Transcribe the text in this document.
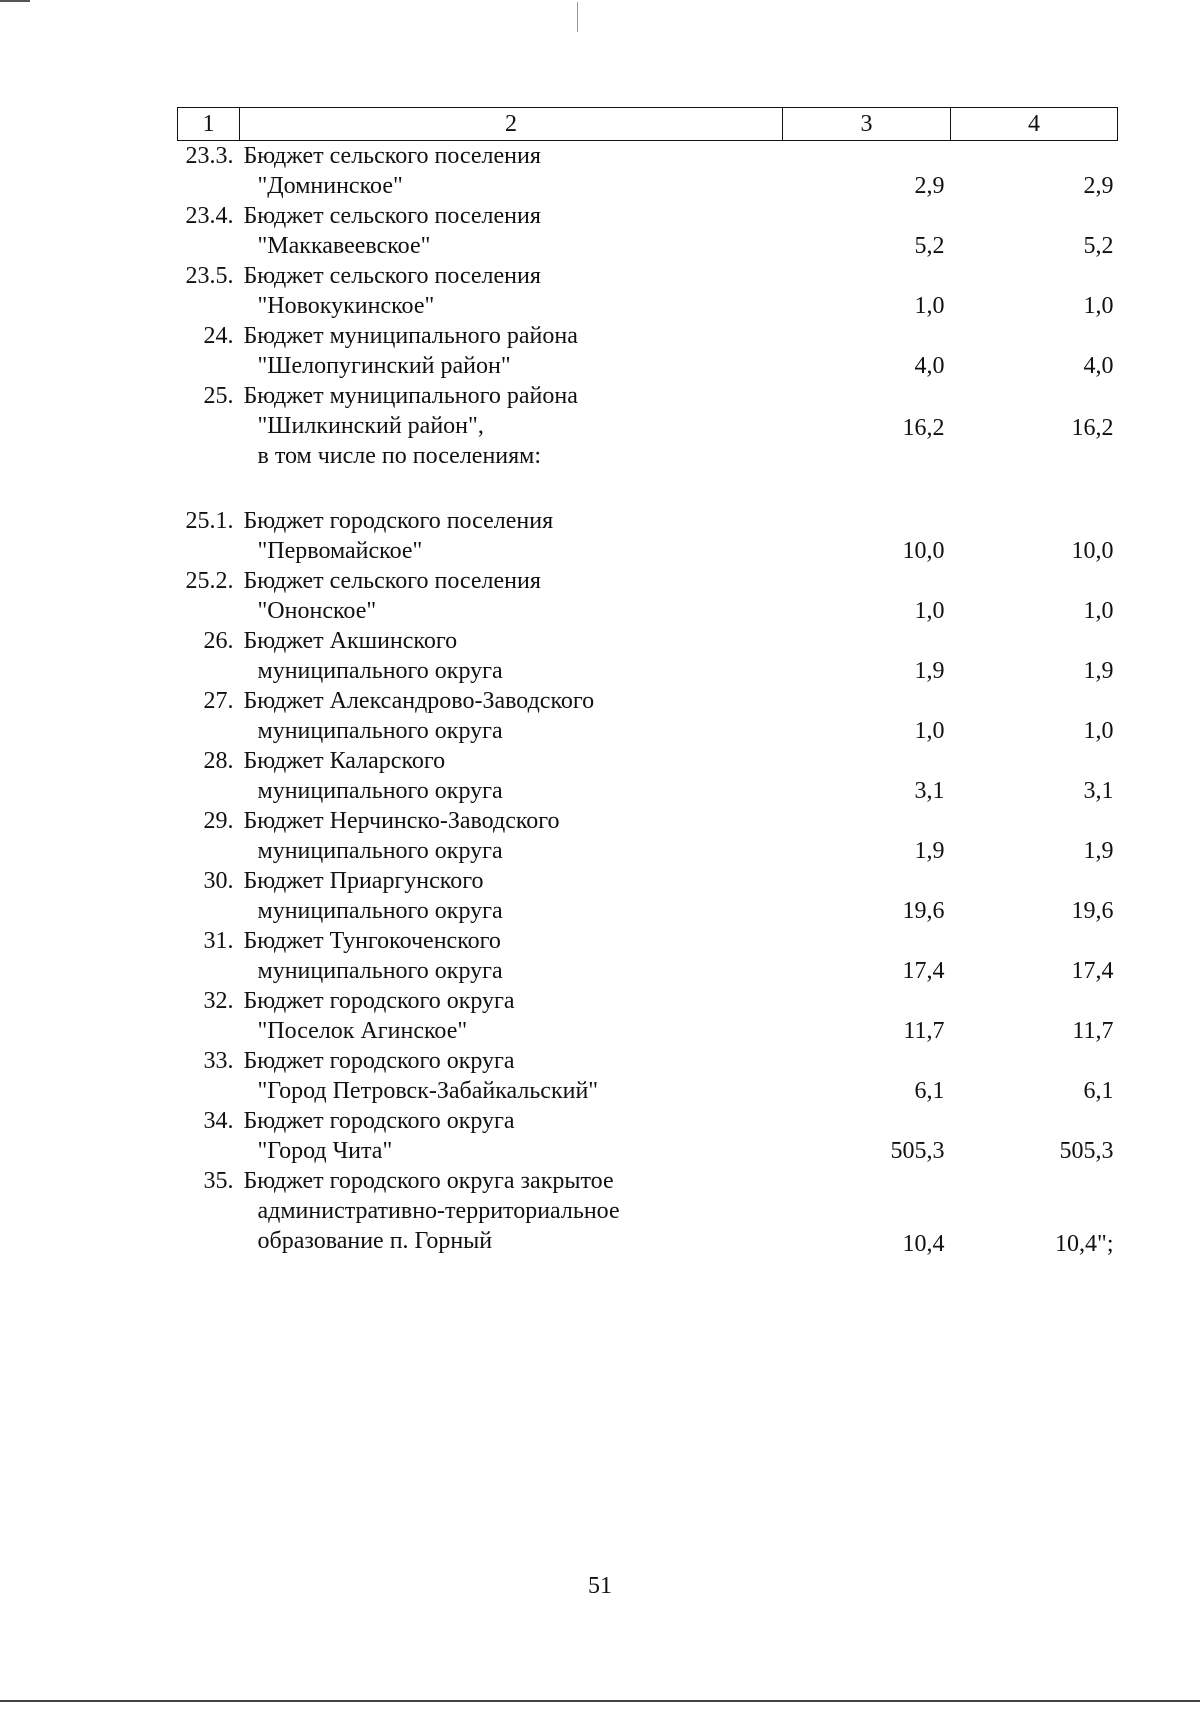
1	2	3	4
23.3.	Бюджет сельского поселения
"Домнинское"	2,9	2,9
23.4.	Бюджет сельского поселения
"Маккавеевское"	5,2	5,2
23.5.	Бюджет сельского поселения
"Новокукинское"	1,0	1,0
24.	Бюджет муниципального района
"Шелопугинский район"	4,0	4,0
25.	Бюджет муниципального района
"Шилкинский район",
в том числе по поселениям:	16,2	16,2
25.1.	Бюджет городского поселения
"Первомайское"	10,0	10,0
25.2.	Бюджет сельского поселения
"Ононское"	1,0	1,0
26.	Бюджет Акшинского
муниципального округа	1,9	1,9
27.	Бюджет Александрово-Заводского
муниципального округа	1,0	1,0
28.	Бюджет Каларского
муниципального округа	3,1	3,1
29.	Бюджет Нерчинско-Заводского
муниципального округа	1,9	1,9
30.	Бюджет Приаргунского
муниципального округа	19,6	19,6
31.	Бюджет Тунгокоченского
муниципального округа	17,4	17,4
32.	Бюджет городского округа
"Поселок Агинское"	11,7	11,7
33.	Бюджет городского округа
"Город Петровск-Забайкальский"	6,1	6,1
34.	Бюджет городского округа
"Город Чита"	505,3	505,3
35.	Бюджет городского округа закрытое
административно-территориальное
образование п. Горный	10,4	10,4";
51
